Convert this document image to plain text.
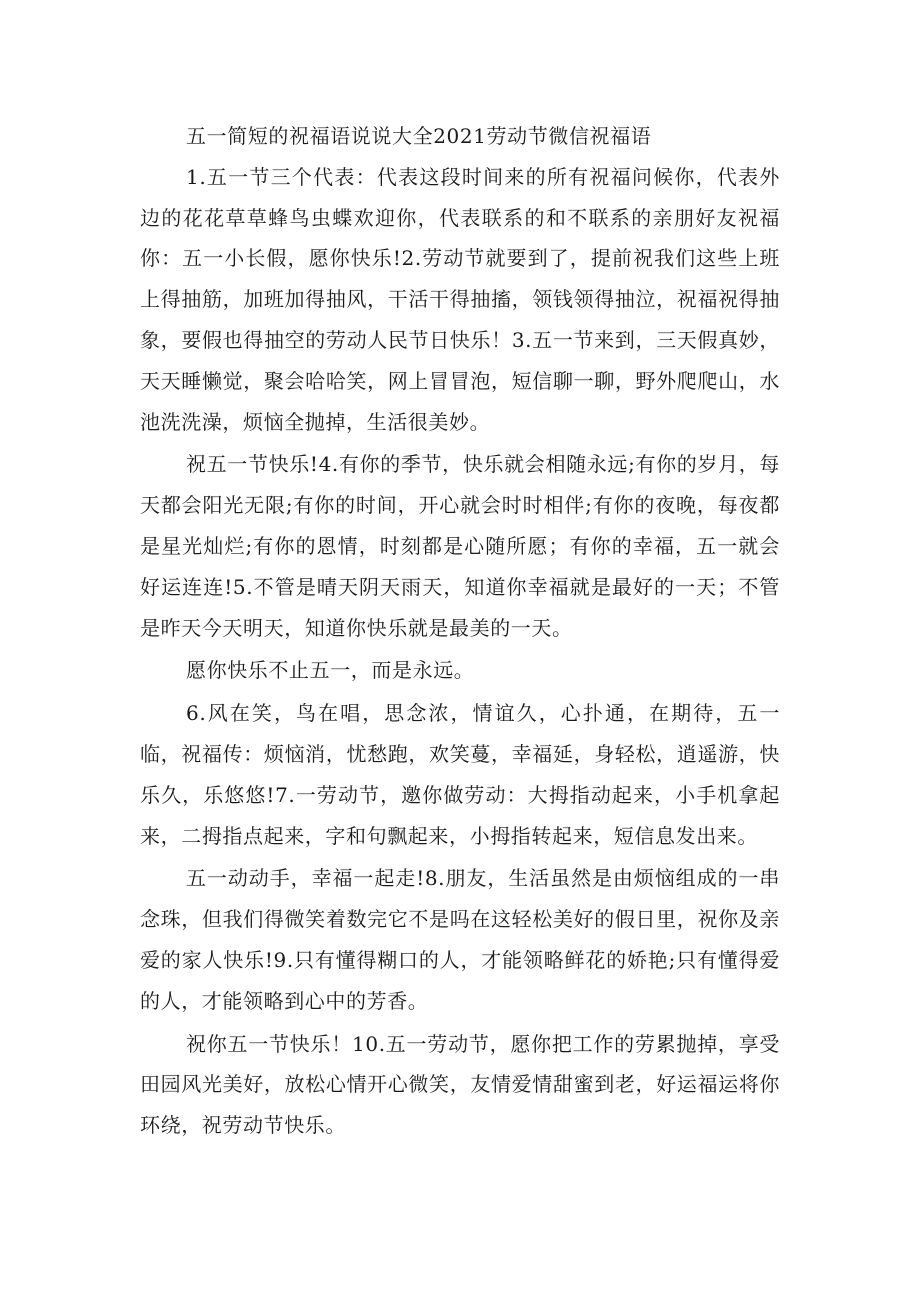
五一简短的祝福语说说大全2021劳动节微信祝福语

1.五一节三个代表：代表这段时间来的所有祝福问候你，代表外边的花花草草蜂鸟虫蝶欢迎你，代表联系的和不联系的亲朋好友祝福你：五一小长假，愿你快乐!2.劳动节就要到了，提前祝我们这些上班上得抽筋，加班加得抽风，干活干得抽搐，领钱领得抽泣，祝福祝得抽象，要假也得抽空的劳动人民节日快乐！3.五一节来到，三天假真妙，天天睡懒觉，聚会哈哈笑，网上冒冒泡，短信聊一聊，野外爬爬山，水池洗洗澡，烦恼全抛掉，生活很美妙。

祝五一节快乐!4.有你的季节，快乐就会相随永远;有你的岁月，每天都会阳光无限;有你的时间，开心就会时时相伴;有你的夜晚，每夜都是星光灿烂;有你的恩情，时刻都是心随所愿；有你的幸福，五一就会好运连连!5.不管是晴天阴天雨天，知道你幸福就是最好的一天；不管是昨天今天明天，知道你快乐就是最美的一天。

愿你快乐不止五一，而是永远。

6.风在笑，鸟在唱，思念浓，情谊久，心扑通，在期待，五一临，祝福传：烦恼消，忧愁跑，欢笑蔓，幸福延，身轻松，逍遥游，快乐久，乐悠悠!7.一劳动节，邀你做劳动：大拇指动起来，小手机拿起来，二拇指点起来，字和句飘起来，小拇指转起来，短信息发出来。

五一动动手，幸福一起走!8.朋友，生活虽然是由烦恼组成的一串念珠，但我们得微笑着数完它不是吗在这轻松美好的假日里，祝你及亲爱的家人快乐!9.只有懂得糊口的人，才能领略鲜花的娇艳;只有懂得爱的人，才能领略到心中的芳香。

祝你五一节快乐！10.五一劳动节，愿你把工作的劳累抛掉，享受田园风光美好，放松心情开心微笑，友情爱情甜蜜到老，好运福运将你环绕，祝劳动节快乐。
